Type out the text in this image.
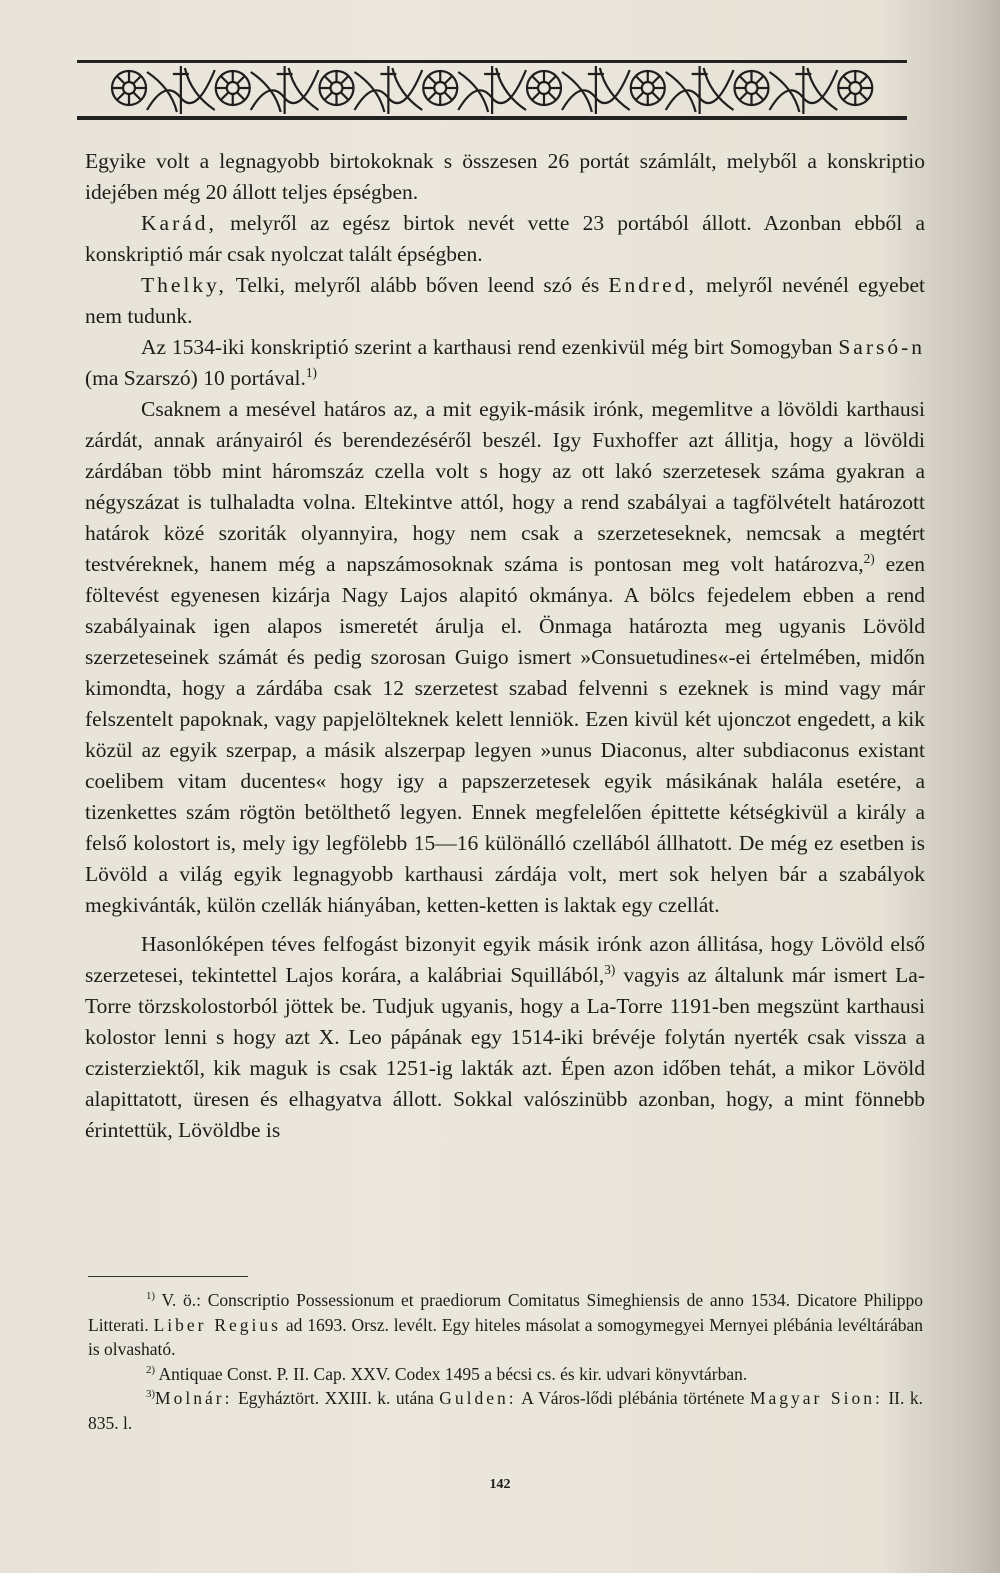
Egyike volt a legnagyobb birtokoknak s összesen 26 portát számlált, melyből a konskriptio idejében még 20 állott teljes épségben.

Karád, melyről az egész birtok nevét vette 23 portából állott. Azonban ebből a konskriptió már csak nyolczat talált épségben.

Thelky, Telki, melyről alább bőven leend szó és Endred, melyről nevénél egyebet nem tudunk.

Az 1534-iki konskriptió szerint a karthausi rend ezenkivül még birt Somogyban Sarsó-n (ma Szarszó) 10 portával.$^{1)}$

Csaknem a mesével határos az, a mit egyik-másik irónk, megemlitve a lövöldi karthausi zárdát, annak arányairól és berendezéséről beszél. Igy Fuxhoffer azt állitja, hogy a lövöldi zárdában több mint háromszáz czella volt s hogy az ott lakó szerzetesek száma gyakran a négyszázat is tulhaladta volna. Eltekintve attól, hogy a rend szabályai a tagfölvételt határozott határok közé szoriták olyannyira, hogy nem csak a szerzeteseknek, nemcsak a megtért testvéreknek, hanem még a napszámosoknak száma is pontosan meg volt határozva,$^{2)}$ ezen föltevést egyenesen kizárja Nagy Lajos alapitó okmánya. A bölcs fejedelem ebben a rend szabályainak igen alapos ismeretét árulja el. Önmaga határozta meg ugyanis Lövöld szerzeteseinek számát és pedig szorosan Guigo ismert »Consuetudines«-ei értelmében, midőn kimondta, hogy a zárdába csak 12 szerzetest szabad felvenni s ezeknek is mind vagy már felszentelt papoknak, vagy papjelölteknek kelett lenniök. Ezen kivül két ujonczot engedett, a kik közül az egyik szerpap, a másik alszerpap legyen »unus Diaconus, alter subdiaconus existant coelibem vitam ducentes« hogy igy a papszerzetesek egyik másikának halála esetére, a tizenkettes szám rögtön betölthető legyen. Ennek megfelelően épittette kétségkivül a király a felső kolostort is, mely igy legfölebb 15—16 különálló czellából állhatott. De még ez esetben is Lövöld a világ egyik legnagyobb karthausi zárdája volt, mert sok helyen bár a szabályok megkivánták, külön czellák hiányában, ketten-ketten is laktak egy czellát.

Hasonlóképen téves felfogást bizonyit egyik másik irónk azon állitása, hogy Lövöld első szerzetesei, tekintettel Lajos korára, a kalábriai Squillából,$^{3)}$ vagyis az általunk már ismert La-Torre törzskolostorból jöttek be. Tudjuk ugyanis, hogy a La-Torre 1191-ben megszünt karthausi kolostor lenni s hogy azt X. Leo pápának egy 1514-iki brévéje folytán nyerték csak vissza a czisterziektől, kik maguk is csak 1251-ig lakták azt. Épen azon időben tehát, a mikor Lövöld alapittatott, üresen és elhagyatva állott. Sokkal valószinübb azonban, hogy, a mint fönnebb érintettük, Lövöldbe is

$^{1)}$ V. ö.: Conscriptio Possessionum et praediorum Comitatus Simeghiensis de anno 1534. Dicatore Philippo Litterati. Liber Regius ad 1693. Orsz. levélt. Egy hiteles másolat a somogymegyei Mernyei plébánia levéltárában is olvasható.

$^{2)}$ Antiquae Const. P. II. Cap. XXV. Codex 1495 a bécsi cs. és kir. udvari könyvtárban.

$^{3)}$Molnár: Egyháztört. XXIII. k. utána Gulden: A Város-lődi plébánia története Magyar Sion: II. k. 835. l.

142
